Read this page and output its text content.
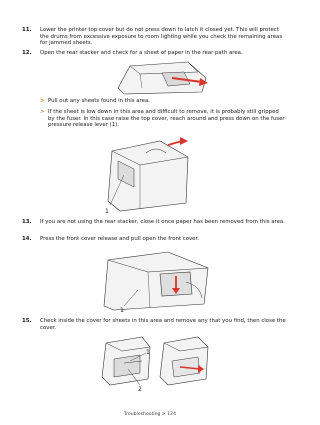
11. Lower the printer top cover but do not press down to latch it closed yet. This will protect the drums from excessive exposure to room lighting while you check the remaining areas for jammed sheets.
12. Open the rear stacker and check for a sheet of paper in the rear path area.
> Pull out any sheets found in this area.
> If the sheet is low down in this area and difficult to remove, it is probably still gripped by the fuser. In this case raise the top cover, reach around and press down on the fuser pressure release lever (1).
1
13. If you are not using the rear stacker, close it once paper has been removed from this area.
14. Press the front cover release and pull open the front cover.
1
15. Check inside the cover for sheets in this area and remove any that you find, then close the cover.
1
2
Troubleshooting > 124
